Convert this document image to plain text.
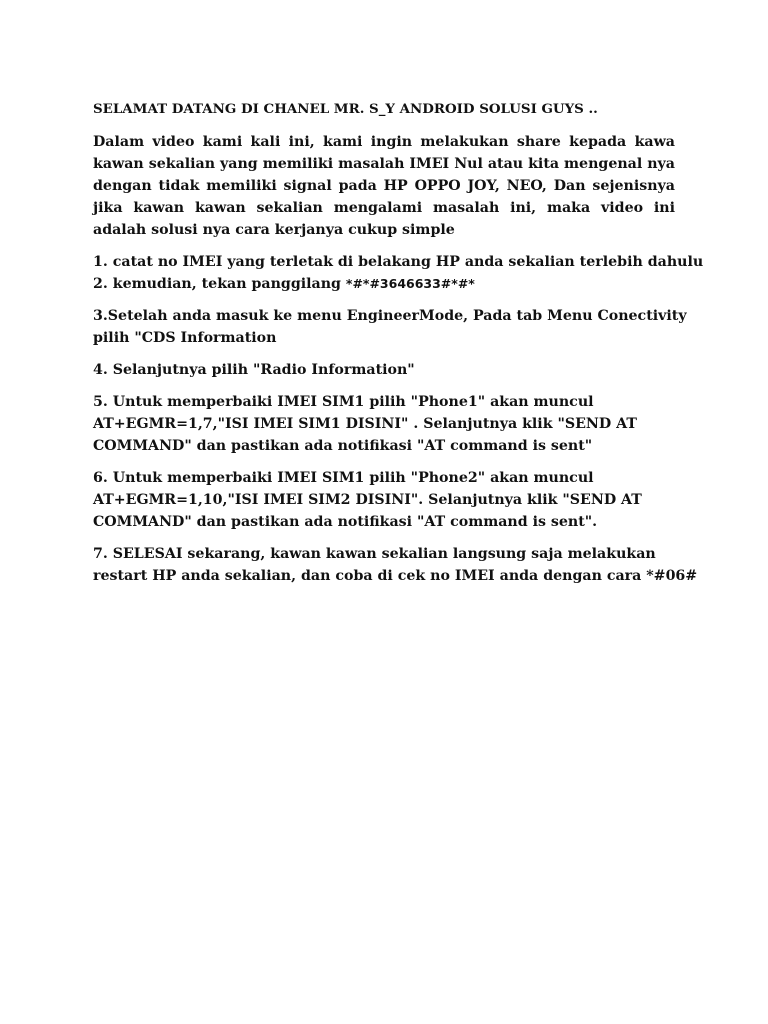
SELAMAT DATANG DI CHANEL MR. S_Y ANDROID SOLUSI GUYS ..

Dalam video kami kali ini, kami ingin melakukan share kepada kawa kawan sekalian yang memiliki masalah IMEI Nul atau kita mengenal nya dengan tidak memiliki signal pada HP OPPO JOY, NEO, Dan sejenisnya jika kawan kawan sekalian mengalami masalah ini, maka video ini adalah solusi nya cara kerjanya cukup simple

1. catat no IMEI yang terletak di belakang HP anda sekalian terlebih dahulu
2. kemudian, tekan panggilang *#*#3646633#*#*

3.Setelah anda masuk ke menu EngineerMode, Pada tab Menu Conectivity
pilih "CDS Information

4. Selanjutnya pilih "Radio Information"

5. Untuk memperbaiki IMEI SIM1 pilih "Phone1" akan muncul
AT+EGMR=1,7,"ISI IMEI SIM1 DISINI" . Selanjutnya klik "SEND AT
COMMAND" dan pastikan ada notifikasi "AT command is sent"

6. Untuk memperbaiki IMEI SIM1 pilih "Phone2" akan muncul
AT+EGMR=1,10,"ISI IMEI SIM2 DISINI". Selanjutnya klik "SEND AT
COMMAND" dan pastikan ada notifikasi "AT command is sent".

7. SELESAI sekarang, kawan kawan sekalian langsung saja melakukan
restart HP anda sekalian, dan coba di cek no IMEI anda dengan cara *#06#
